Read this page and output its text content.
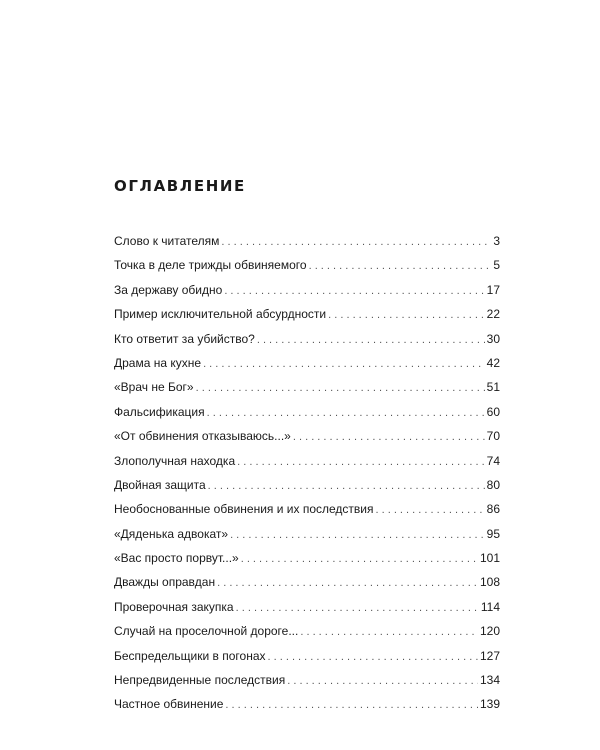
ОГЛАВЛЕНИЕ
Слово к читателям . . .	3
Точка в деле трижды обвиняемого . . .	5
За державу обидно . . .	17
Пример исключительной абсурдности . . .	22
Кто ответит за убийство? . . .	30
Драма на кухне . . .	42
«Врач не Бог» . . .	51
Фальсификация . . .	60
«От обвинения отказываюсь...» . . .	70
Злополучная находка . . .	74
Двойная защита . . .	80
Необоснованные обвинения и их последствия . . .	86
«Дяденька адвокат» . . .	95
«Вас просто порвут...» . . .	101
Дважды оправдан . . .	108
Проверочная закупка . . .	114
Случай на проселочной дороге... . . .	120
Беспредельщики в погонах . . .	127
Непредвиденные последствия . . .	134
Частное обвинение . . .	139
